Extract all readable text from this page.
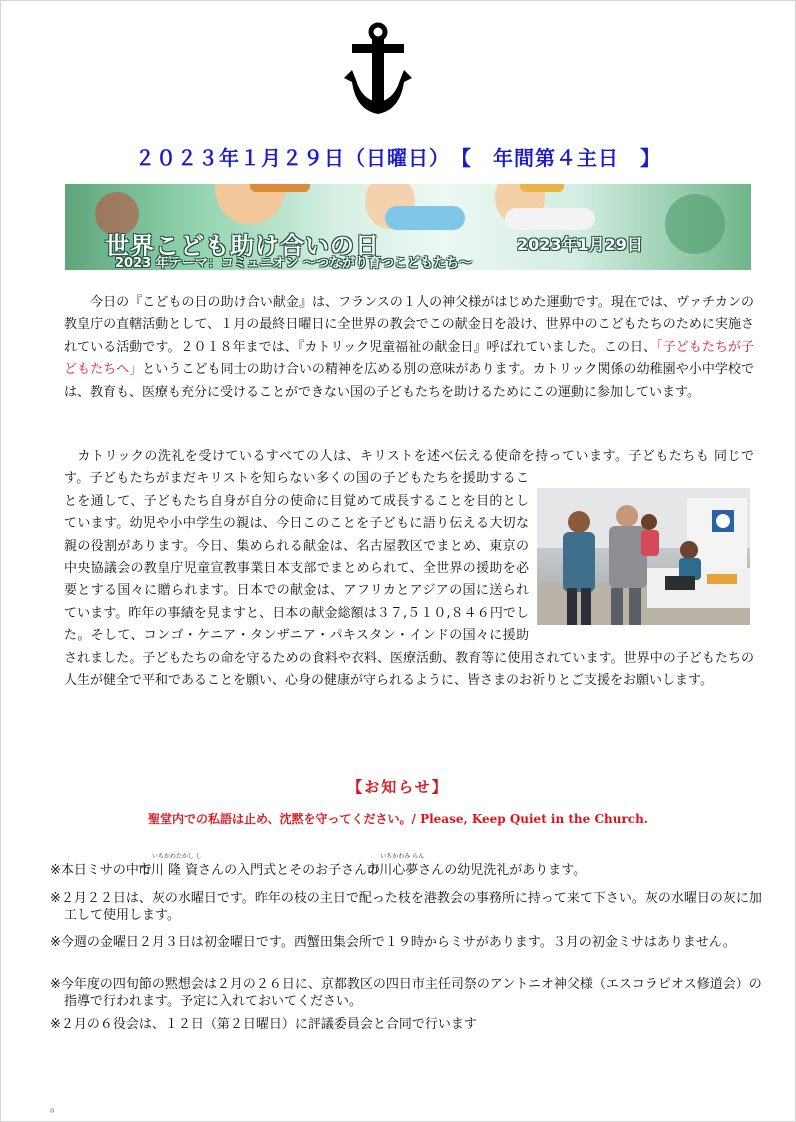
２０２３年１月２９日（日曜日）　【　年間第４主日　】
世界こども助け合いの日	2023年1月29日
2023 年テーマ：コミュニオン ～つながり育つこどもたち～

今日の『こどもの日の助け合い献金』は、フランスの１人の神父様がはじめた運動です。現在では、ヴァチカンの教皇庁の直轄活動として、１月の最終日曜日に全世界の教会でこの献金日を設け、世界中のこどもたちのために実施されている活動です。２０１８年までは、『カトリック児童福祉の献金日』呼ばれていました。この日、「子どもたちが子どもたちへ」というこども同士の助け合いの精神を広める別の意味があります。カトリック関係の幼稚園や小中学校では、教育も、医療も充分に受けることができない国の子どもたちを助けるためにこの運動に参加しています。

カトリックの洗礼を受けているすべての人は、キリストを述べ伝える使命を持っています。子どもたちも 同じです。子どもたちがまだキリストを知らない多くの国の子どもたちを援助することを通して、子どもたち自身が自分の使命に目覚めて成長することを目的としています。幼児や小中学生の親は、今日このことを子どもに語り伝える大切な親の役割があります。今日、集められる献金は、名古屋教区でまとめ、東京の中央協議会の教皇庁児童宣教事業日本支部でまとめられて、全世界の援助を必要とする国々に贈られます。日本での献金は、アフリカとアジアの国に送られています。昨年の事績を見ますと、日本の献金総額は３７,５１０,８４６円でした。そして、コンゴ・ケニア・タンザニア・パキスタン・インドの国々に援助されました。子どもたちの命を守るための食料や衣料、医療活動、教育等に使用されています。世界中の子どもたちの人生が健全で平和であることを願い、心身の健康が守られるように、皆さまのお祈りとご支援をお願いします。
【お知らせ】
聖堂内での私語は止め、沈黙を守ってください。/ Please, Keep Quiet in the Church.

※本日ミサの中で
いちかわたかし し
市川 隆 資さんの入門式とそのお子さんの
いちかわみ らん
市川心夢さんの幼児洗礼があります。

※２月２２日は、灰の水曜日です。昨年の枝の主日で配った枝を港教会の事務所に持って来て下さい。灰の水曜日の灰に加工して使用します。

※今週の金曜日２月３日は初金曜日です。西蟹田集会所で１９時からミサがあります。３月の初金ミサはありません。

※今年度の四旬節の黙想会は２月の２６日に、京都教区の四日市主任司祭のアントニオ神父様（エスコラピオス修道会）の指導で行われます。予定に入れておいてください。

※２月の６役会は、１２日（第２日曜日）に評議委員会と合同で行います

。
